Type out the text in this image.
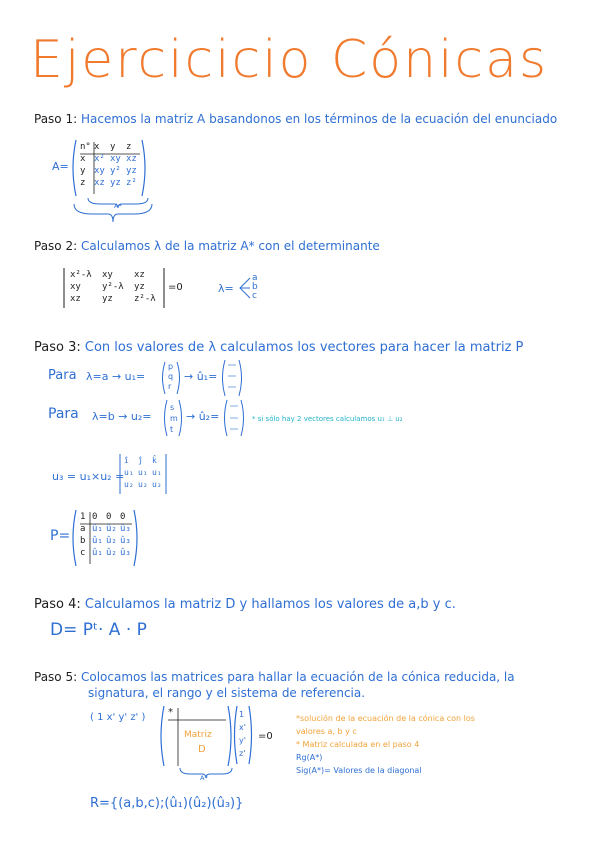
Ejercicicio Cónicas
Paso 1: Hacemos la matriz A basandonos en los términos de la ecuación del enunciado
A=
n° x y z
x x² xy xz
y xy y² yz
z xz yz z²
A*
Paso 2: Calculamos λ de la matriz A* con el determinante
x²-λ xy xz
xy y²-λ yz
xz yz z²-λ
=0	λ=
a
b
c
Paso 3: Con los valores de λ calculamos los vectores para hacer la matriz P
Para λ=a → u₁=
p
q
r
→ û₁=
Para λ=b → u₂=
s
m
t
→ û₂=	* si sólo hay 2 vectores calculamos u₁ ⊥ u₂
u₃ = u₁×u₂ =
î ĵ k̂
u₁ u₁ u₁
u₂ u₂ u₂
P=
1 0 0 0
a û₁ û₂ û₃
b û₁ û₂ û₃
c û₁ û₂ û₃
Paso 4: Calculamos la matriz D y hallamos los valores de a,b y c.
D= Pᵗ· A · P
Paso 5: Colocamos las matrices para hallar la ecuación de la cónica reducida, la
signatura, el rango y el sistema de referencia.
( 1 x' y' z' ) *
Matriz
D
A*
1
x'
y'
z'
=0
*solución de la ecuación de la cónica con los
valores a, b y c
* Matriz calculada en el paso 4
Rg(A*)
Sig(A*)= Valores de la diagonal
R={(a,b,c);(û₁)(û₂)(û₃)}
